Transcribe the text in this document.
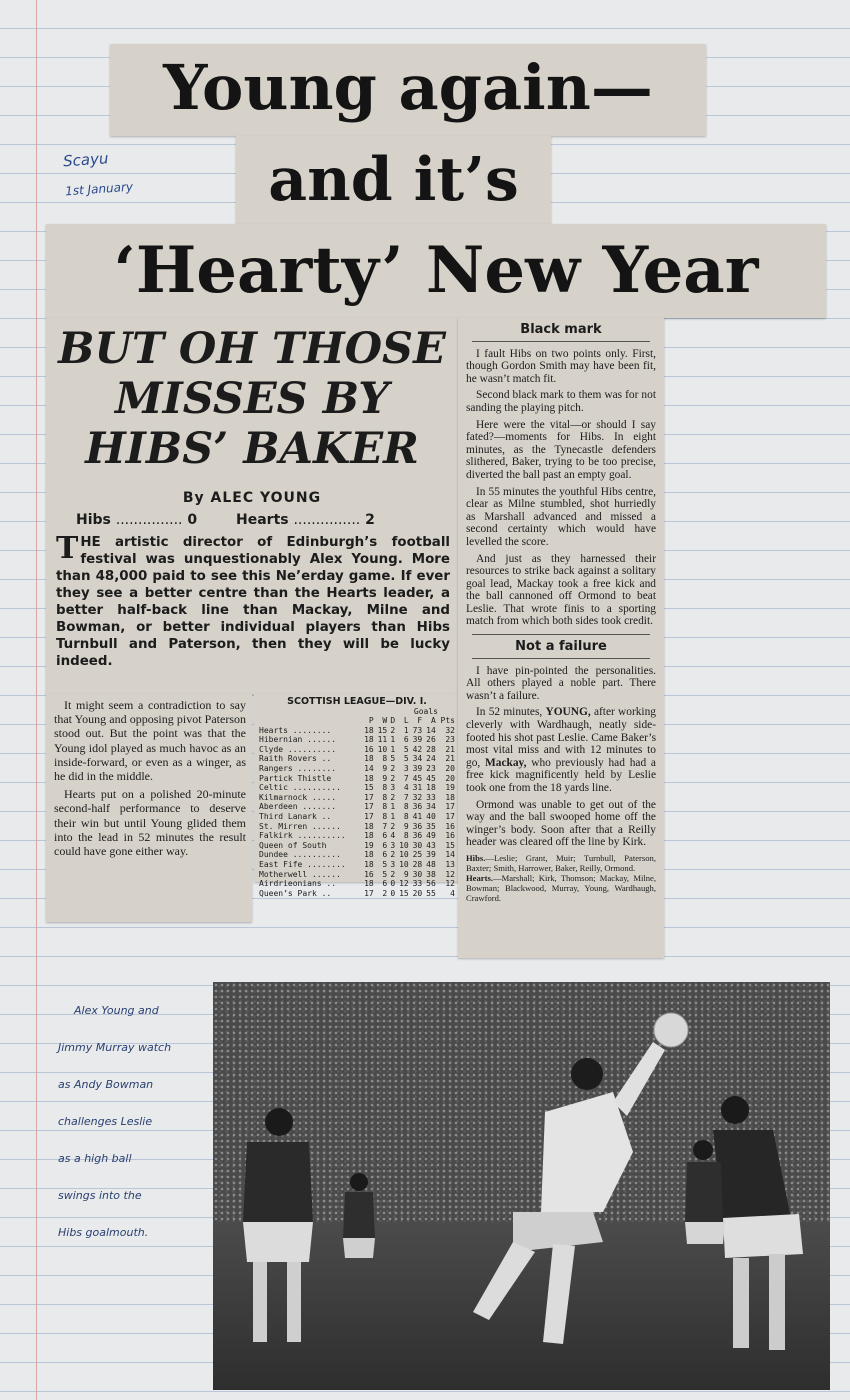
Young again—
and it’s
‘Hearty’ New Year
Scayu
1st January
BUT OH THOSE
MISSES BY
HIBS’ BAKER
By ALEC YOUNG
Hibs ............... 0	Hearts ............... 2
T HE artistic director of Edinburgh’s football festival was unquestionably Alex Young. More than 48,000 paid to see this Ne’erday game. If ever they see a better centre than the Hearts leader, a better half-back line than Mackay, Milne and Bowman, or better individual players than Hibs Turnbull and Paterson, then they will be lucky indeed.

It might seem a contradiction to say that Young and opposing pivot Paterson stood out. But the point was that the Young idol played as much havoc as an inside-forward, or even as a winger, as he did in the middle.

Hearts put on a polished 20-minute second-half performance to deserve their win but until Young glided them into the lead in 52 minutes the result could have gone either way.

SCOTTISH LEAGUE—DIV. I.
Goals
	P	W	D	L	F	A	Pts
Hearts ........	18	15	2	1	73	14	32
Hibernian ......	18	11	1	6	39	26	23
Clyde ..........	16	10	1	5	42	28	21
Raith Rovers ..	18	8	5	5	34	24	21
Rangers ........	14	9	2	3	39	23	20
Partick Thistle	18	9	2	7	45	45	20
Celtic ..........	15	8	3	4	31	18	19
Kilmarnock .....	17	8	2	7	32	33	18
Aberdeen .......	17	8	1	8	36	34	17
Third Lanark ..	17	8	1	8	41	40	17
St. Mirren ......	18	7	2	9	36	35	16
Falkirk ..........	18	6	4	8	36	49	16
Queen of South	19	6	3	10	30	43	15
Dundee ..........	18	6	2	10	25	39	14
East Fife ........	18	5	3	10	28	48	13
Motherwell ......	16	5	2	9	30	38	12
Airdrieonians ..	18	6	0	12	33	56	12
Queen’s Park ..	17	2	0	15	20	55	4
Black mark

I fault Hibs on two points only. First, though Gordon Smith may have been fit, he wasn’t match fit.

Second black mark to them was for not sanding the playing pitch.

Here were the vital—or should I say fated?—moments for Hibs. In eight minutes, as the Tynecastle defenders slithered, Baker, trying to be too precise, diverted the ball past an empty goal.

In 55 minutes the youthful Hibs centre, clear as Milne stumbled, shot hurriedly as Marshall advanced and missed a second certainty which would have levelled the score.

And just as they harnessed their resources to strike back against a solitary goal lead, Mackay took a free kick and the ball cannoned off Ormond to beat Leslie. That wrote finis to a sporting match from which both sides took credit.

Not a failure

I have pin-pointed the personalities. All others played a noble part. There wasn’t a failure.

In 52 minutes, YOUNG, after working cleverly with Wardhaugh, neatly side-footed his shot past Leslie. Came Baker’s most vital miss and with 12 minutes to go, Mackay, who previously had had a free kick magnificently held by Leslie took one from the 18 yards line.

Ormond was unable to get out of the way and the ball swooped home off the winger’s body. Soon after that a Reilly header was cleared off the line by Kirk.

Hibs.—Leslie; Grant, Muir; Turnbull, Paterson, Baxter; Smith, Harrower, Baker, Reilly, Ormond.
Hearts.—Marshall; Kirk, Thomson; Mackay, Milne, Bowman; Blackwood, Murray, Young, Wardhaugh, Crawford.
Alex Young and
Jimmy Murray watch
as Andy Bowman
challenges Leslie
as a high ball
swings into the
Hibs goalmouth.
